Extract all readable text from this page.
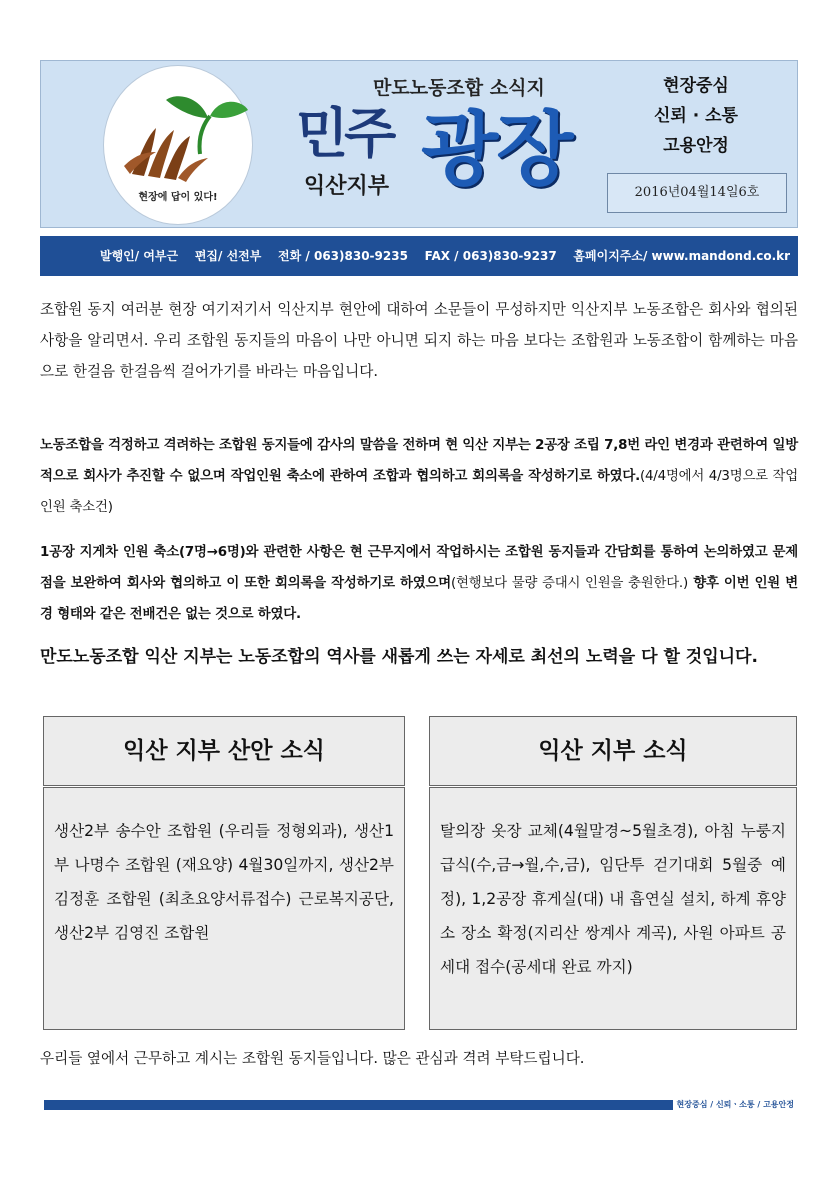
현장에 답이 있다!
만도노동조합 소식지
민주 광장
익산지부
현장중심
신뢰 · 소통
고용안정
2016년04월14일6호
발행인/ 여부근    편집/ 선전부    전화 / 063)830-9235    FAX / 063)830-9237    홈페이지주소/ www.mandond.co.kr
조합원 동지 여러분 현장 여기저기서 익산지부 현안에 대하여 소문들이 무성하지만 익산지부 노동조합은 회사와 협의된 사항을 알리면서. 우리 조합원 동지들의 마음이 나만 아니면 되지 하는 마음 보다는 조합원과 노동조합이 함께하는 마음으로 한걸음 한걸음씩 걸어가기를 바라는 마음입니다.
노동조합을 걱정하고 격려하는 조합원 동지들에 감사의 말씀을 전하며 현 익산 지부는 2공장 조립 7,8번 라인 변경과 관련하여 일방적으로 회사가 추진할 수 없으며 작업인원 축소에 관하여 조합과 협의하고 회의록을 작성하기로 하였다.(4/4명에서 4/3명으로 작업인원 축소건)
1공장 지게차 인원 축소(7명→6명)와 관련한 사항은 현 근무지에서 작업하시는 조합원 동지들과 간담회를 통하여 논의하였고 문제점을 보완하여 회사와 협의하고 이 또한 회의록을 작성하기로 하였으며(현행보다 물량 증대시 인원을 충원한다.) 향후 이번 인원 변경 형태와 같은 전배건은 없는 것으로 하였다.
만도노동조합 익산 지부는 노동조합의 역사를 새롭게 쓰는 자세로 최선의 노력을 다 할 것입니다.
익산 지부 산안 소식
생산2부 송수안 조합원 (우리들 정형외과), 생산1부 나명수 조합원 (재요양) 4월30일까지, 생산2부 김정훈 조합원 (최초요양서류접수) 근로복지공단, 생산2부 김영진 조합원
익산 지부 소식
탈의장 옷장 교체(4월말경~5월초경), 아침 누룽지 급식(수,금→월,수,금), 임단투 걷기대회 5월중 예정), 1,2공장 휴게실(대) 내 흡연실 설치, 하계 휴양소 장소 확정(지리산 쌍계사 계곡), 사원 아파트 공세대 접수(공세대 완료 까지)
우리들 옆에서 근무하고 계시는 조합원 동지들입니다. 많은 관심과 격려 부탁드립니다.
현장중심 / 신뢰ㆍ소통 / 고용안정
